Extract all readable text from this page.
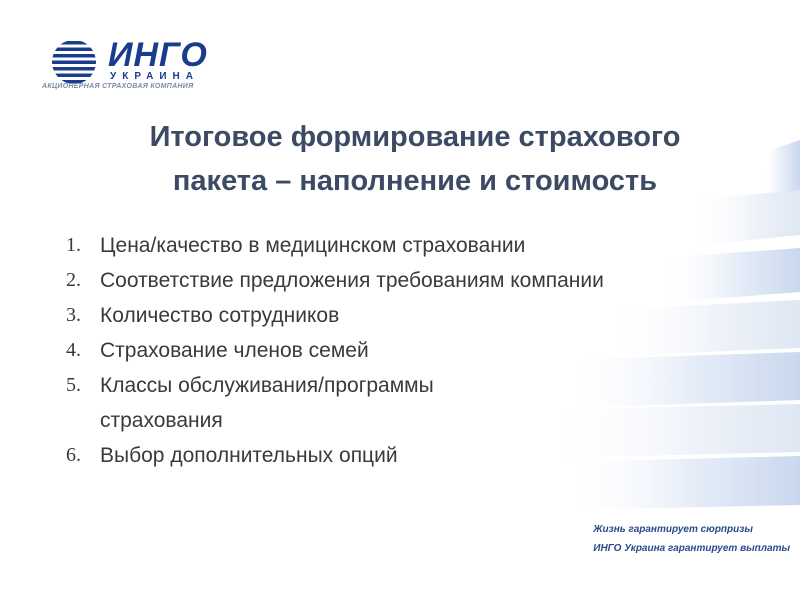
ИНГО

УКРАИНА
АКЦИОНЕРНАЯ СТРАХОВАЯ КОМПАНИЯ
Итоговое формирование страхового
пакета – наполнение и стоимость
1. Цена/качество в медицинском страховании
2. Соответствие предложения требованиям компании
3. Количество сотрудников
4. Страхование членов семей
5. Классы обслуживания/программы страхования
6. Выбор дополнительных опций
Жизнь гарантирует сюрпризы
ИНГО Украина гарантирует выплаты
